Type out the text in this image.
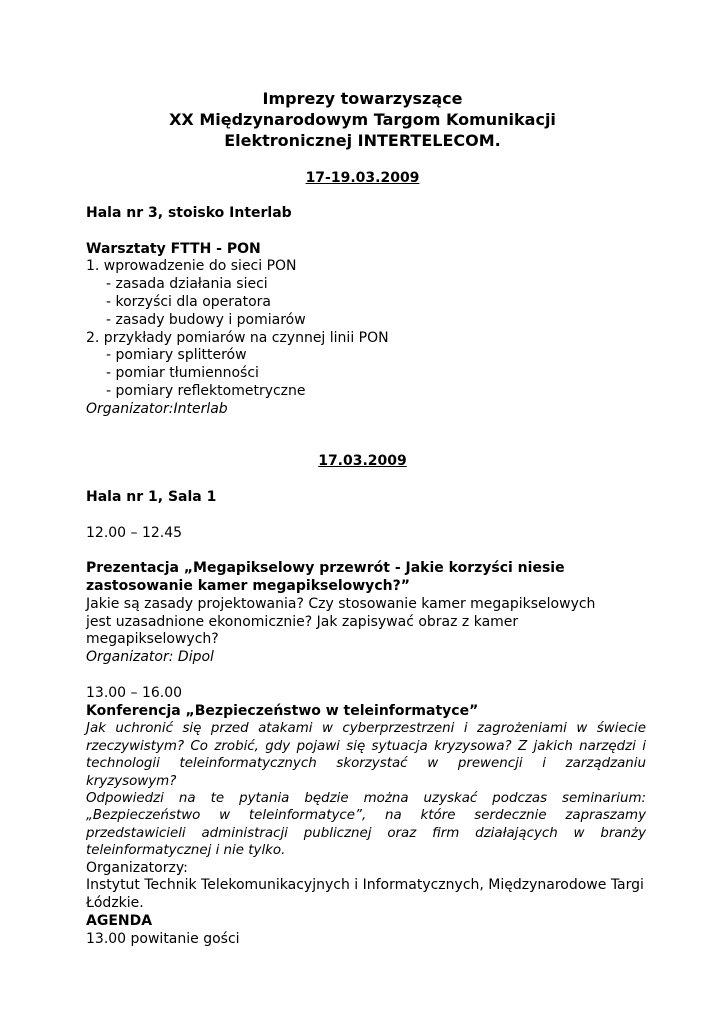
Imprezy towarzyszące

XX Międzynarodowym Targom Komunikacji

Elektronicznej INTERTELECOM.

17-19.03.2009

Hala nr 3, stoisko Interlab

Warsztaty FTTH - PON

1. wprowadzenie do sieci PON

- zasada działania sieci

- korzyści dla operatora

- zasady budowy i pomiarów

2. przykłady pomiarów na czynnej linii PON

- pomiary splitterów

- pomiar tłumienności

- pomiary reflektometryczne

Organizator:Interlab

17.03.2009

Hala nr 1, Sala 1

12.00 – 12.45

Prezentacja „Megapikselowy przewrót - Jakie korzyści niesie

zastosowanie kamer megapikselowych?”

Jakie są zasady projektowania? Czy stosowanie kamer megapikselowych

jest uzasadnione ekonomicznie? Jak zapisywać obraz z kamer

megapikselowych?

Organizator: Dipol

13.00 – 16.00

Konferencja „Bezpieczeństwo w teleinformatyce”

Jak uchronić się przed atakami w cyberprzestrzeni i zagrożeniami w świecie rzeczywistym? Co zrobić, gdy pojawi się sytuacja kryzysowa? Z jakich narzędzi i technologii teleinformatycznych skorzystać w prewencji i zarządzaniu kryzysowym?

Odpowiedzi na te pytania będzie można uzyskać podczas seminarium: „Bezpieczeństwo w teleinformatyce”, na które serdecznie zapraszamy przedstawicieli administracji publicznej oraz firm działających w branży teleinformatycznej i nie tylko.

Organizatorzy:

Instytut Technik Telekomunikacyjnych i Informatycznych, Międzynarodowe Targi Łódzkie.

AGENDA

13.00 powitanie gości
